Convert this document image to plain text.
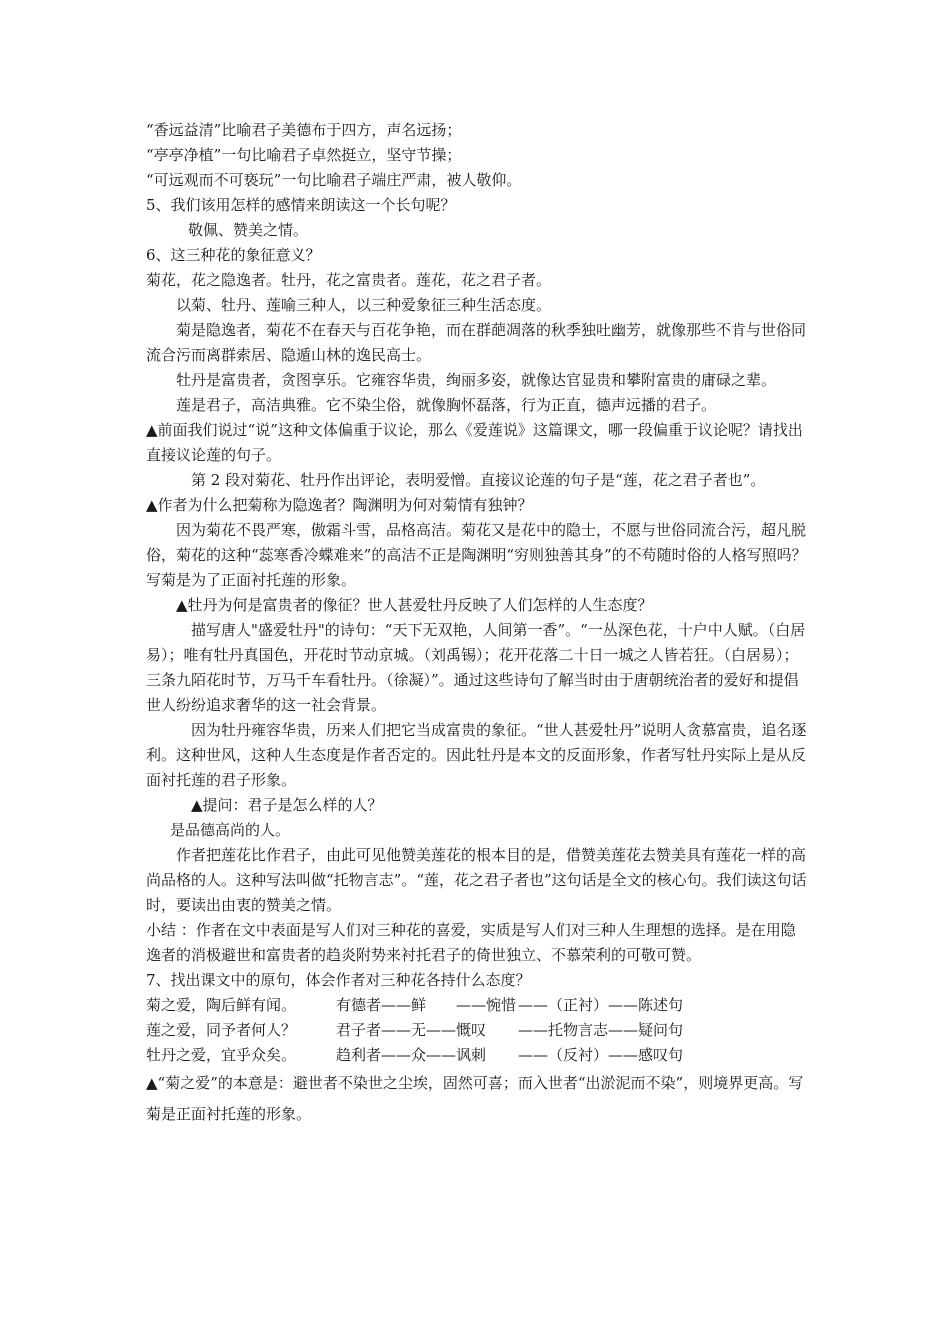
“香远益清”比喻君子美德布于四方，声名远扬；

“亭亭净植”一句比喻君子卓然挺立，坚守节操；

“可远观而不可亵玩”一句比喻君子端庄严肃，被人敬仰。

5、我们该用怎样的感情来朗读这一个长句呢？

敬佩、赞美之情。

6、这三种花的象征意义？

菊花，花之隐逸者。牡丹，花之富贵者。莲花，花之君子者。

以菊、牡丹、莲喻三种人，以三种爱象征三种生活态度。

菊是隐逸者，菊花不在春天与百花争艳，而在群葩凋落的秋季独吐幽芳，就像那些不肯与世俗同流合污而离群索居、隐遁山林的逸民高士。

牡丹是富贵者，贪图享乐。它雍容华贵，绚丽多姿，就像达官显贵和攀附富贵的庸碌之辈。

莲是君子，高洁典雅。它不染尘俗，就像胸怀磊落，行为正直，德声远播的君子。

▲前面我们说过“说”这种文体偏重于议论，那么《爱莲说》这篇课文，哪一段偏重于议论呢？请找出直接议论莲的句子。

第 2 段对菊花、牡丹作出评论，表明爱憎。直接议论莲的句子是“莲，花之君子者也”。

▲作者为什么把菊称为隐逸者？陶渊明为何对菊情有独钟？

因为菊花不畏严寒，傲霜斗雪，品格高洁。菊花又是花中的隐士，不愿与世俗同流合污，超凡脱俗，菊花的这种“蕊寒香冷蝶难来”的高洁不正是陶渊明“穷则独善其身”的不苟随时俗的人格写照吗？写菊是为了正面衬托莲的形象。

▲牡丹为何是富贵者的像征？世人甚爱牡丹反映了人们怎样的人生态度？

描写唐人"盛爱牡丹"的诗句：“天下无双艳，人间第一香”。“一丛深色花，十户中人赋。（白居易）；唯有牡丹真国色，开花时节动京城。（刘禹锡）；花开花落二十日一城之人皆若狂。（白居易）；三条九陌花时节，万马千车看牡丹。（徐凝）”。通过这些诗句了解当时由于唐朝统治者的爱好和提倡世人纷纷追求奢华的这一社会背景。

因为牡丹雍容华贵，历来人们把它当成富贵的象征。“世人甚爱牡丹”说明人贪慕富贵，追名逐利。这种世风，这种人生态度是作者否定的。因此牡丹是本文的反面形象，作者写牡丹实际上是从反面衬托莲的君子形象。

▲提问：君子是怎么样的人？

是品德高尚的人。

作者把莲花比作君子，由此可见他赞美莲花的根本目的是，借赞美莲花去赞美具有莲花一样的高尚品格的人。这种写法叫做“托物言志”。“莲，花之君子者也”这句话是全文的核心句。我们读这句话时，要读出由衷的赞美之情。

小结 ：作者在文中表面是写人们对三种花的喜爱，实质是写人们对三种人生理想的选择。是在用隐逸者的消极避世和富贵者的趋炎附势来衬托君子的倚世独立、不慕荣利的可敬可赞。

7、找出课文中的原句，体会作者对三种花各持什么态度？

菊之爱，陶后鲜有闻。	有德者——鲜	——惋惜	——（正衬）——陈述句
莲之爱，同予者何人？	君子者——无——	慨叹	——托物言志——疑问句
牡丹之爱，宜乎众矣。	趋利者——众——	讽刺	——（反衬）——感叹句

▲“菊之爱”的本意是：避世者不染世之尘埃，固然可喜；而入世者“出淤泥而不染”，则境界更高。写菊是正面衬托莲的形象。
